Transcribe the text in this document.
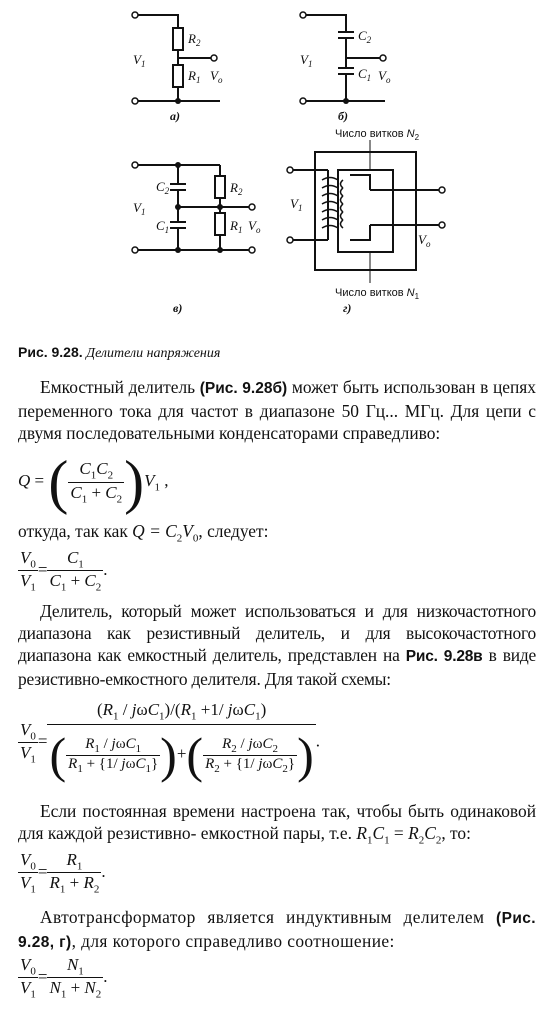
$R_2$
$R_1$
$V_1$
$V_o$
а)
$C_2$
$C_1$
$V_1$
$V_o$
б)
$C_2$
$C_1$
$R_2$
$R_1$
$V_1$
$V_o$
в)
$V_1$
$V_o$
Число витков $N_2$
Число витков $N_1$
г)
Рис. 9.28. Делители напряжения
Емкостный делитель (Рис. 9.28б) может быть использован в цепях переменного тока для частот в диапазоне 50 Гц... МГц. Для цепи с двумя последовательными конденсаторами справедливо:
Q = ( $\frac{C_1C_2}{C_1 + C_2} )V_1$ ,
откуда, так как $Q = C_2V_0$, следует:
$\frac{V_0}{V_1} = \frac{C_1}{C_1 + C_2}$ .
Делитель, который может использоваться и для низкочастотного диапазона как резистивный делитель, и для высокочастотного диапазона как емкостный делитель, представлен на Рис. 9.28в в виде резистивно-емкостного делителя. Для такой схемы:
$\frac{V_0}{V_1} = \frac{(R_1 / j\omega C_1)/(R_1 +1/ j\omega C_1)}{( \frac{R_1 / j\omega C_1}{R_1 + \{1/ j\omega C_1\}} )+( \frac{R_2 / j\omega C_2}{R_2 + \{1/ j\omega C_2\}} )}$ .
Если постоянная времени настроена так, чтобы быть одинаковой для каждой резистивно- емкостной пары, т.е. $R_1C_1 = R_2C_2$, то:
$\frac{V_0}{V_1} = \frac{R_1}{R_1 + R_2}$ .
Автотрансформатор является индуктивным делителем (Рис. 9.28, г), для которого справедливо соотношение:
$\frac{V_0}{V_1} = \frac{N_1}{N_1 + N_2}$ .
